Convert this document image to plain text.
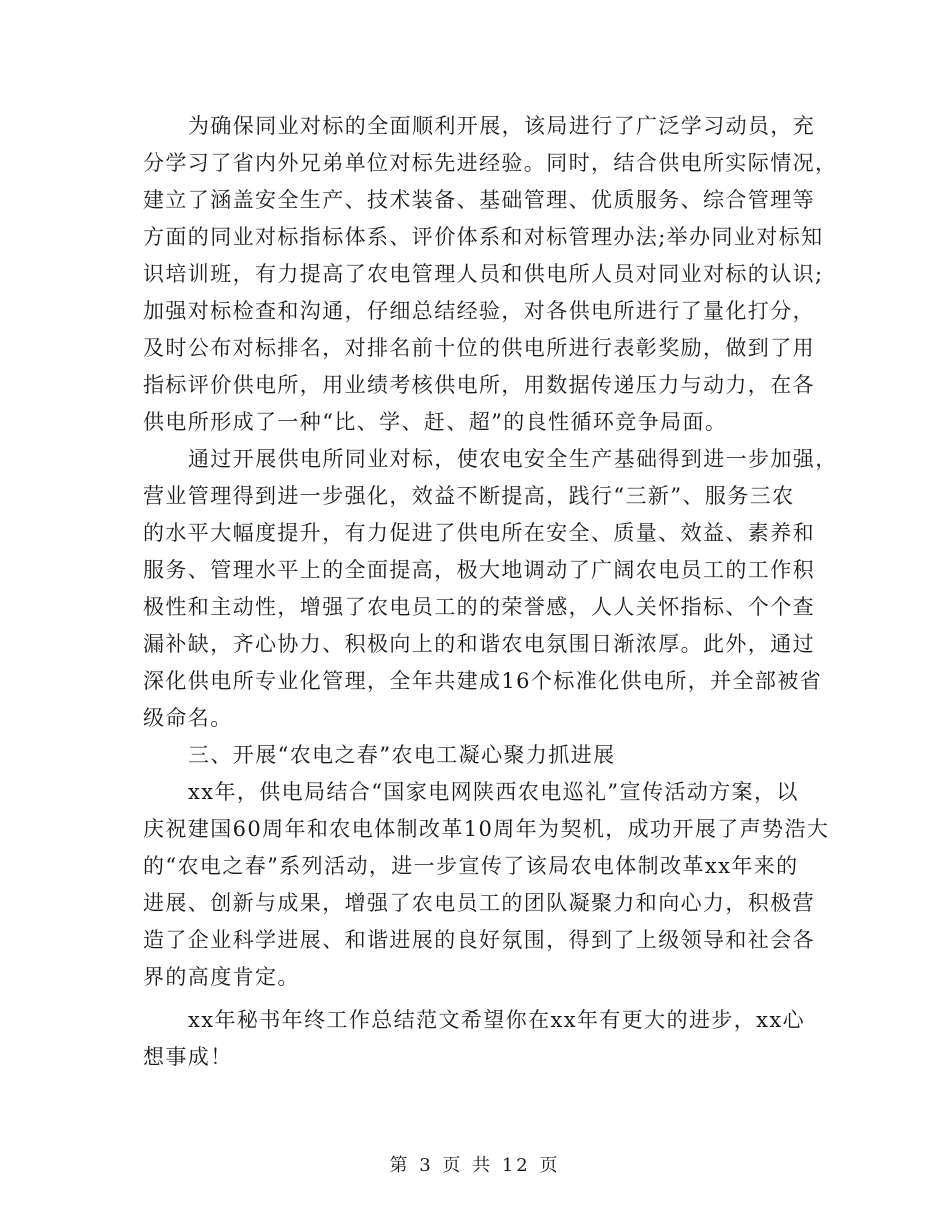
为确保同业对标的全面顺利开展，该局进行了广泛学习动员，充
分学习了省内外兄弟单位对标先进经验。同时，结合供电所实际情况，
建立了涵盖安全生产、技术装备、基础管理、优质服务、综合管理等
方面的同业对标指标体系、评价体系和对标管理办法;举办同业对标知
识培训班，有力提高了农电管理人员和供电所人员对同业对标的认识;
加强对标检查和沟通，仔细总结经验，对各供电所进行了量化打分，
及时公布对标排名，对排名前十位的供电所进行表彰奖励，做到了用
指标评价供电所，用业绩考核供电所，用数据传递压力与动力，在各
供电所形成了一种“比、学、赶、超”的良性循环竞争局面。
通过开展供电所同业对标，使农电安全生产基础得到进一步加强，
营业管理得到进一步强化，效益不断提高，践行“三新”、服务三农
的水平大幅度提升，有力促进了供电所在安全、质量、效益、素养和
服务、管理水平上的全面提高，极大地调动了广阔农电员工的工作积
极性和主动性，增强了农电员工的的荣誉感，人人关怀指标、个个查
漏补缺，齐心协力、积极向上的和谐农电氛围日渐浓厚。此外，通过
深化供电所专业化管理，全年共建成16个标准化供电所，并全部被省
级命名。
三、开展“农电之春”农电工凝心聚力抓进展
xx年，供电局结合“国家电网陕西农电巡礼”宣传活动方案，以
庆祝建国60周年和农电体制改革10周年为契机，成功开展了声势浩大
的“农电之春”系列活动，进一步宣传了该局农电体制改革xx年来的
进展、创新与成果，增强了农电员工的团队凝聚力和向心力，积极营
造了企业科学进展、和谐进展的良好氛围，得到了上级领导和社会各
界的高度肯定。
xx年秘书年终工作总结范文希望你在xx年有更大的进步，xx心
想事成！
第 3 页 共 12 页
